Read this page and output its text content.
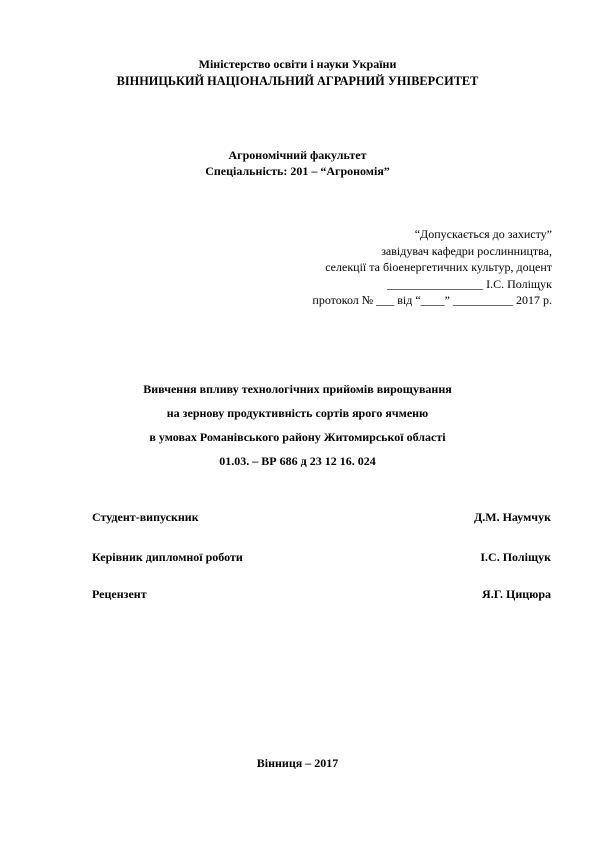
Міністерство освіти і науки України
ВІННИЦЬКИЙ НАЦІОНАЛЬНИЙ АГРАРНИЙ УНІВЕРСИТЕТ
Агрономічний факультет
Спеціальність: 201 – “Агрономія”
“Допускається до захисту”
завідувач кафедри рослинництва,
селекції та біоенергетичних культур, доцент
________________ І.С. Поліщук
протокол № ___ від “____” __________ 2017 р.
Вивчення впливу технологічних прийомів вирощування
на зернову продуктивність сортів ярого ячменю
в умовах Романівського району Житомирської області
01.03. – ВР 686 д 23 12 16. 024
Студент-випускник	Д.М. Наумчук
Керівник дипломної роботи	І.С. Поліщук
Рецензент	Я.Г. Цицюра
Вінниця – 2017
